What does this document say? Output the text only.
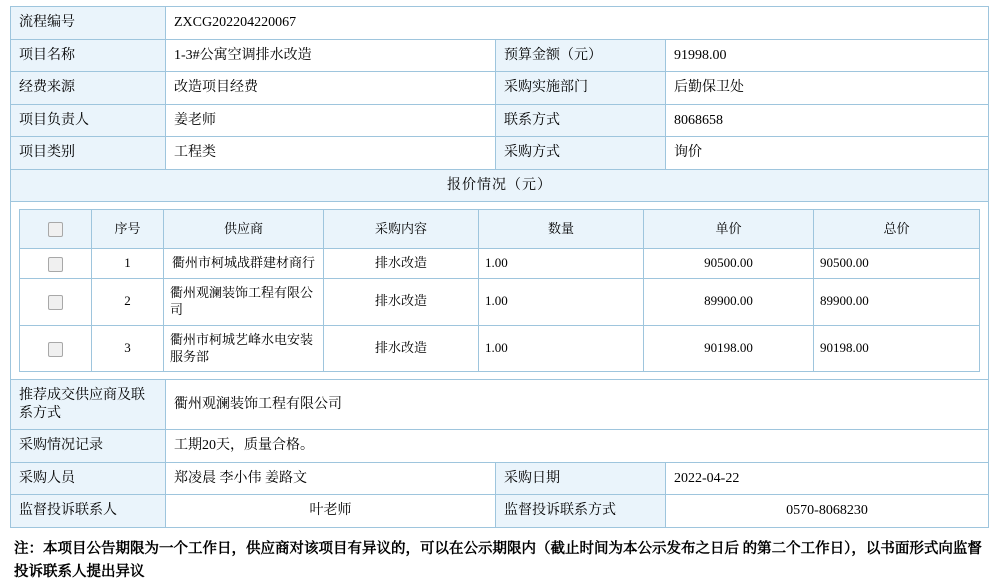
流程编号	ZXCG202204220067
项目名称	1-3#公寓空调排水改造	预算金额（元）	91998.00
经费来源	改造项目经费	采购实施部门	后勤保卫处
项目负责人	姜老师	联系方式	8068658
项目类别	工程类	采购方式	询价
报价情况（元）

	序号	供应商	采购内容	数量	单价	总价
	1	衢州市柯城战群建材商行	排水改造	1.00	90500.00	90500.00
	2	衢州观澜装饰工程有限公司	排水改造	1.00	89900.00	89900.00
	3	衢州市柯城艺峰水电安装服务部	排水改造	1.00	90198.00	90198.00

推荐成交供应商及联系方式	衢州观澜装饰工程有限公司
采购情况记录	工期20天，质量合格。
采购人员	郑凌晨 李小伟 姜路文	采购日期	2022-04-22
监督投诉联系人	叶老师	监督投诉联系方式	0570-8068230
注：本项目公告期限为一个工作日，供应商对该项目有异议的，可以在公示期限内（截止时间为本公示发布之日后 的第二个工作日），以书面形式向监督投诉联系人提出异议
